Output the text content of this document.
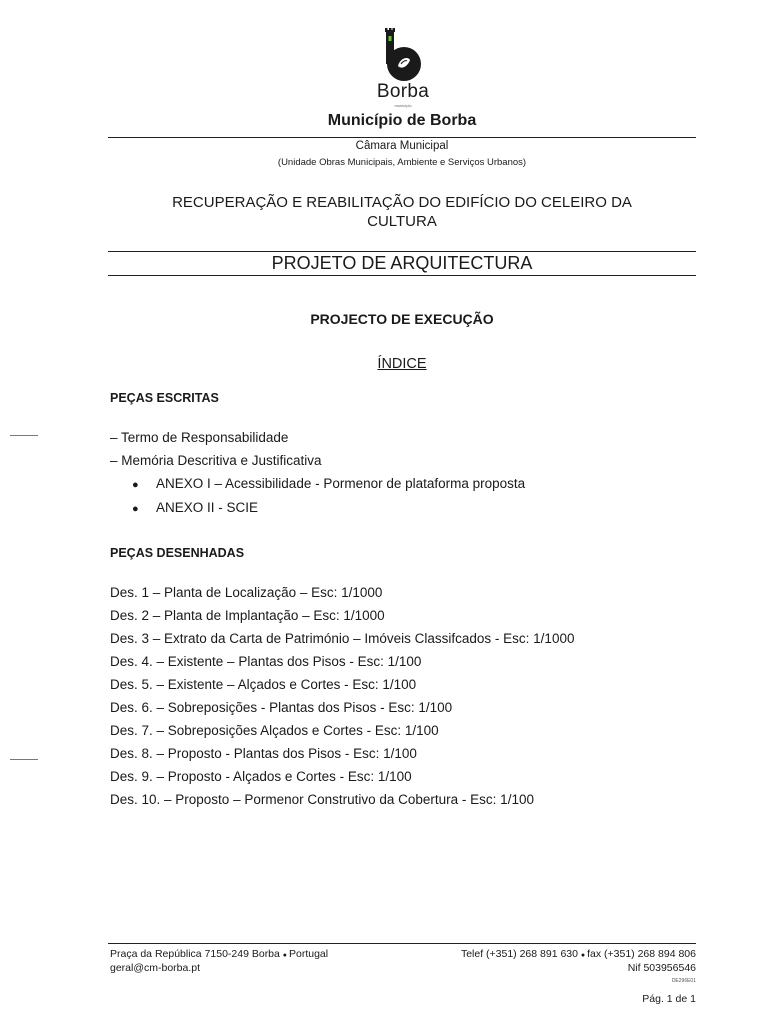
Borba
município
Município de Borba
Câmara Municipal
(Unidade Obras Municipais, Ambiente e Serviços Urbanos)
RECUPERAÇÃO E REABILITAÇÃO DO EDIFÍCIO DO CELEIRO DA
CULTURA
PROJETO DE ARQUITECTURA
PROJECTO DE EXECUÇÃO
ÍNDICE
PEÇAS ESCRITAS
– Termo de Responsabilidade
– Memória Descritiva e Justificativa
● ANEXO I – Acessibilidade - Pormenor de plataforma proposta
● ANEXO II - SCIE
PEÇAS DESENHADAS
Des. 1 – Planta de Localização – Esc: 1/1000
Des. 2 – Planta de Implantação – Esc: 1/1000
Des. 3 – Extrato da Carta de Património – Imóveis Classifcados - Esc: 1/1000
Des. 4. – Existente – Plantas dos Pisos - Esc: 1/100
Des. 5. – Existente – Alçados e Cortes - Esc: 1/100
Des. 6. – Sobreposições - Plantas dos Pisos - Esc: 1/100
Des. 7. – Sobreposições Alçados e Cortes - Esc: 1/100
Des. 8. – Proposto - Plantas dos Pisos - Esc: 1/100
Des. 9. – Proposto - Alçados e Cortes - Esc: 1/100
Des. 10. – Proposto – Pormenor Construtivo da Cobertura - Esc: 1/100
Praça da República 7150-249 Borba ● Portugal
geral@cm-borba.pt
Telef (+351) 268 891 630 ● fax (+351) 268 894 806
Nif 503956546
DE296E01
Pág. 1 de 1
